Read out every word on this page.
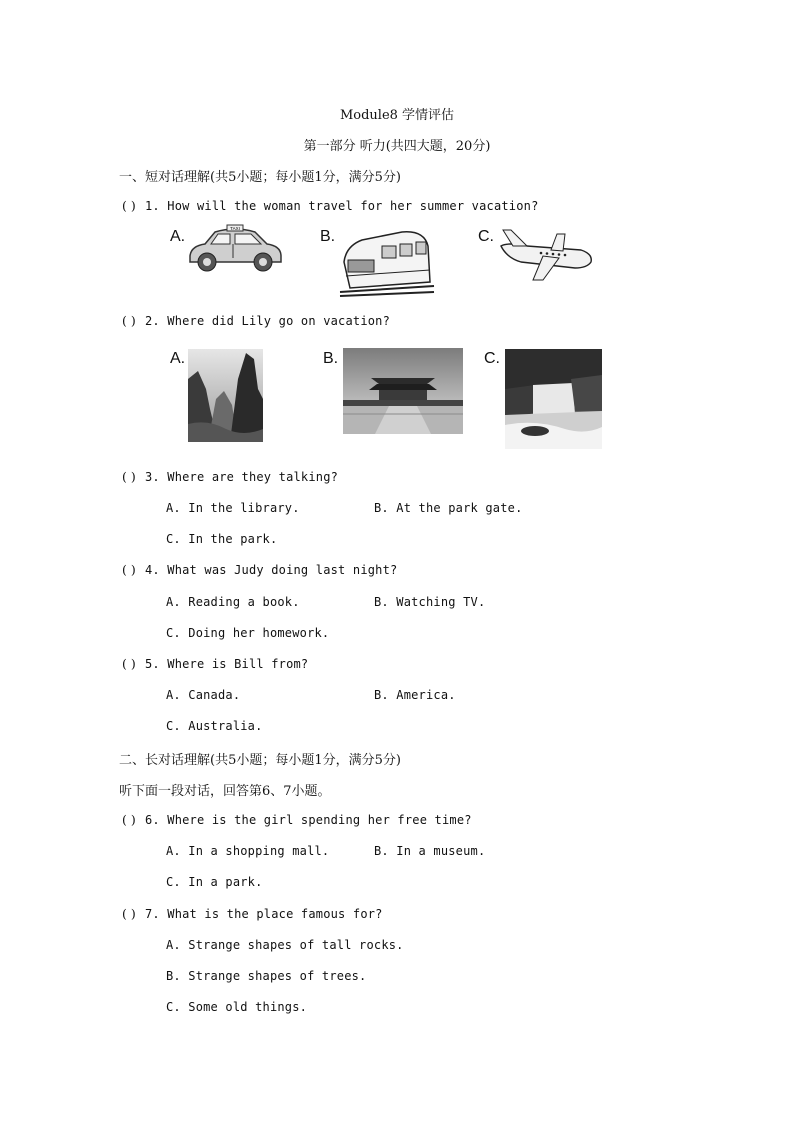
Module8 学情评估
第一部分 听力(共四大题，20分)
一、短对话理解(共5小题；每小题1分，满分5分)
( ) 1. How will the woman travel for her summer vacation?
A.	TAXI	B.	C.
( ) 2. Where did Lily go on vacation?
A.	B.	C.
( ) 3. Where are they talking?
A. In the library.	B. At the park gate.
C. In the park.
( ) 4. What was Judy doing last night?
A. Reading a book.	B. Watching TV.
C. Doing her homework.
( ) 5. Where is Bill from?
A. Canada.	B. America.
C. Australia.
二、长对话理解(共5小题；每小题1分，满分5分)
听下面一段对话，回答第6、7小题。
( ) 6. Where is the girl spending her free time?
A. In a shopping mall.	B. In a museum.
C. In a park.
( ) 7. What is the place famous for?
A. Strange shapes of tall rocks.
B. Strange shapes of trees.
C. Some old things.
